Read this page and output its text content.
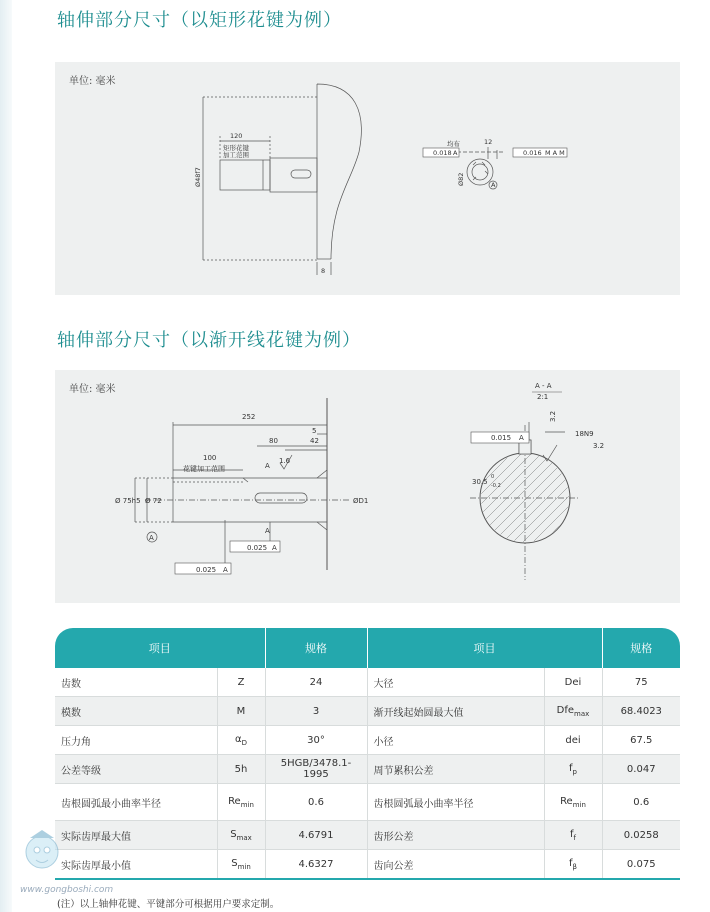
轴伸部分尺寸（以矩形花键为例）
单位: 毫米
120
矩形花键
加工范围
Ø48f7
8
均布	12
Ø82	A
0.018 A	0.016 M A M
轴伸部分尺寸（以渐开线花键为例）
单位: 毫米
252
5
80	42
100
花键加工范围	A
1.6
Ø 75h5 Ø 72	ØD1
A
A
0.025 A
0.025 A
A - A
2:1
3.2
18N9
3.2
0.015 A
30.5
0
-0.2
项目		规格	项目		规格
齿数	Z	24	大径	Dei	75
模数	M	3	渐开线起始圆最大值	Dfe$_{max}$	68.4023
压力角	$\alpha_D$	30°	小径	dei	67.5
公差等级	5h	5HGB/3478.1-1995	周节累积公差	$f_p$	0.047
齿根圆弧最小曲率半径	$Re_{min}$	0.6	齿根圆弧最小曲率半径	$Re_{min}$	0.6
实际齿厚最大值	$S_{max}$	4.6791	齿形公差	$f_f$	0.0258
实际齿厚最小值	$S_{min}$	4.6327	齿向公差	$f_\beta$	0.075
www.gongboshi.com
(注）以上轴伸花键、平键部分可根据用户要求定制。
